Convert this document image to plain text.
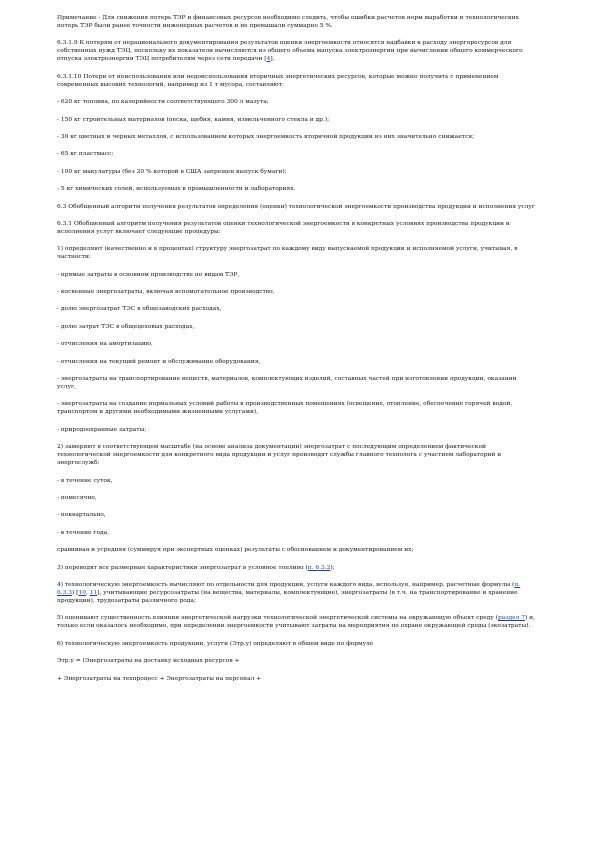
Примечание - Для снижения потерь ТЭР и финансовых ресурсов необходимо следить, чтобы ошибки расчетов норм выработки и технологических потерь ТЭР были ранее точности инженерных расчетов и не превышали суммарно 5 %.

6.3.1.9 К потерям от нерационального документирования результатов оценки энергоемкости относятся надбавки к расходу энергоресурсов для собственных нужд ТЭЦ, поскольку их показатели вычисляются из общего объема выпуска электроэнергии при вычислении общего коммерческого отпуска электроэнергии ТЭЦ потребителям через сети передачи [4].

6.3.1.10 Потери от неиспользования или недоиспользования вторичных энергетических ресурсов, которые можно получить с применением современных высоких технологий, например из 1 т мусора, составляют:

- 620 кг топлива, по калорийности соответствующего 300 л мазута;

- 150 кг строительных материалов (песка, щебня, камня, измельченного стекла и др.);

- 30 кг цветных и черных металлов, с использованием которых энергоемкость вторичной продукции из них значительно снижается;

- 65 кг пластмасс;

- 100 кг макулатуры (без 20 % которой в США запрещен выпуск бумаги);

- 5 кг химических солей, используемых в промышленности и лабораториях.

6.3 Обобщенный алгоритм получения результатов определения (оценки) технологической энергоемкости производства продукции и исполнения услуг

6.3.1 Обобщенный алгоритм получения результатов оценки технологической энергоемкости в конкретных условиях производства продукции и исполнения услуг включает следующие процедуры:

1) определяют (качественно и в процентах) структуру энергозатрат по каждому виду выпускаемой продукции и исполняемой услуги, учитывая, в частности:

- прямые затраты в основном производстве по видам ТЭР,

- косвенные энергозатраты, включая вспомогательное производство,

- долю энергозатрат ТЭС в общезаводских расходах,

- долю затрат ТЭС в общецеховых расходах,

- отчисления на амортизацию,

- отчисления на текущий ремонт и обслуживание оборудования,

- энергозатраты на транспортирование веществ, материалов, комплектующих изделий, составных частей при изготовлении продукции, оказании услуг,

- энергозатраты на создание нормальных условий работы в производственных помещениях (освещение, отопление, обеспечение горячей водой, транспортом и другими необходимыми жизненными услугами),

- природоохранные затраты;

2) замеряют в соответствующем масштабе (на основе анализа документации) энергозатрат с последующим определением фактической технологической энергоемкости для конкретного вида продукции и услуг производят службы главного технолога с участием лабораторий и энергослужб:

- в течение суток,

- помесячно,

- поквартально,

- в течение года,

сравнивая и усредняя (суммируя при экспертных оценках) результаты с обоснованием и документированием их;

3) переводят все размерные характеристики энергозатрат в условное топливо (п. 6.3.2);

4) технологическую энергоемкость вычисляют по отдельности для продукции, услуги каждого вида, используя, например, расчетные формулы (п. 6.3.3) [10, 11], учитывающие ресурсозатраты (на вещества, материалы, комплектующие), энергозатраты (в т.ч. на транспортирование и хранение продукции), трудозатраты различного рода;

5) оценивают существенность влияния энергетической нагрузки технологической энергетической системы на окружающую объект среду (раздел 7) и, только если оказалось необходимо, при определении энергоемкости учитывают затраты на мероприятия по охране окружающей среды (экозатраты).

6) технологическую энергоемкость продукции, услуги (Этр.у) определяют в общем виде по формуле

Этр.у = (Энергозатраты на доставку исходных ресурсов +

+ Энергозатраты на техпроцесс + Энергозатраты на персонал +
